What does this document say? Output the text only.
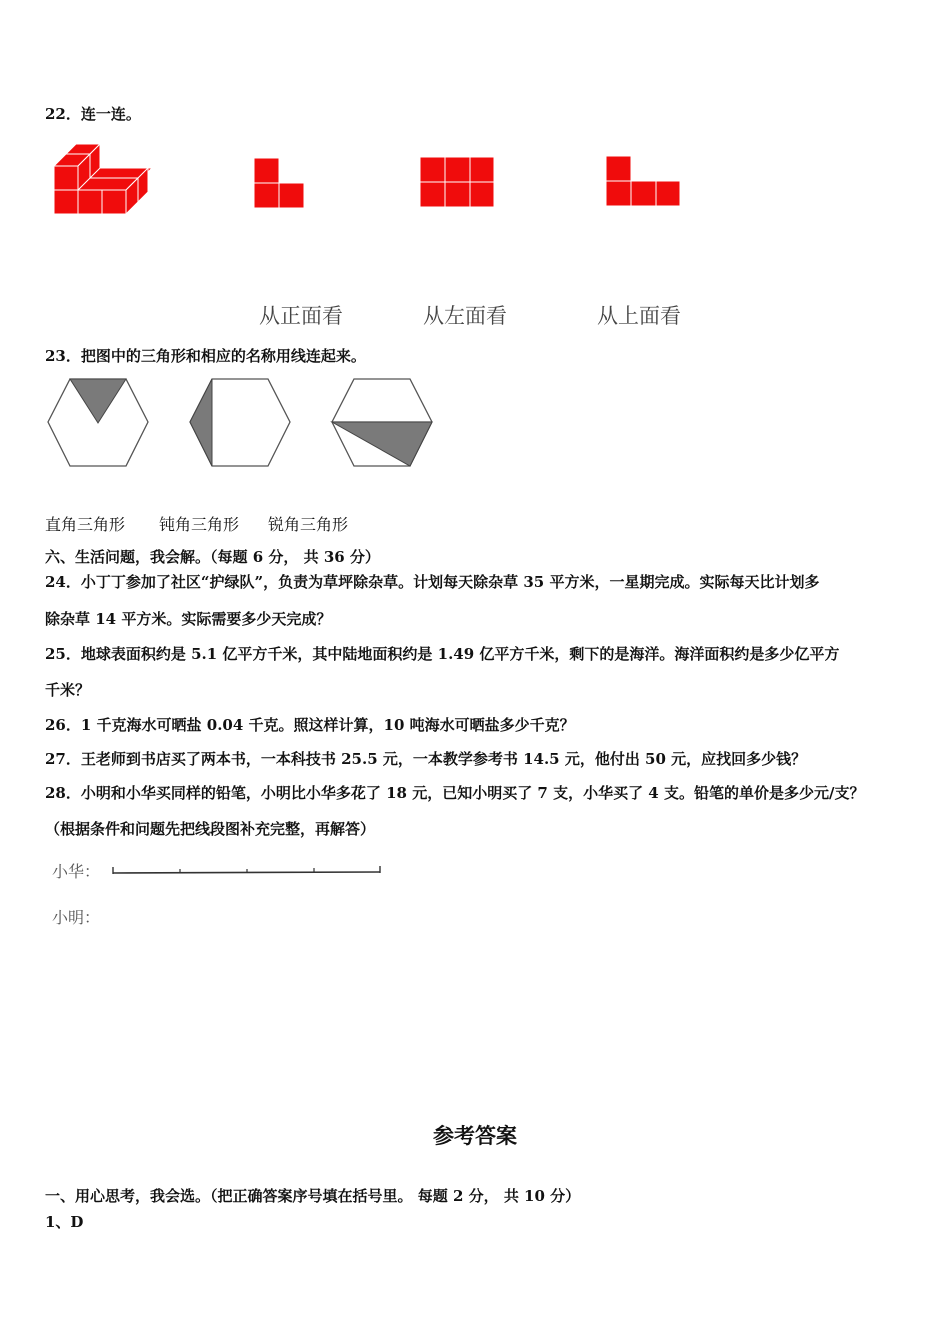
22．连一连。
从正面看	从左面看	从上面看
23．把图中的三角形和相应的名称用线连起来。
直角三角形 钝角三角形 锐角三角形
六、生活问题，我会解。（每题 6 分， 共 36 分）
24．小丁丁参加了社区“护绿队”，负责为草坪除杂草。计划每天除杂草 35 平方米，一星期完成。实际每天比计划多
除杂草 14 平方米。实际需要多少天完成？
25．地球表面积约是 5.1 亿平方千米，其中陆地面积约是 1.49 亿平方千米，剩下的是海洋。海洋面积约是多少亿平方
千米？
26．1 千克海水可晒盐 0.04 千克。照这样计算，10 吨海水可晒盐多少千克？
27．王老师到书店买了两本书，一本科技书 25.5 元，一本教学参考书 14.5 元，他付出 50 元，应找回多少钱？
28．小明和小华买同样的铅笔，小明比小华多花了 18 元，已知小明买了 7 支，小华买了 4 支。铅笔的单价是多少元/支？
（根据条件和问题先把线段图补充完整，再解答）
小华：
小明：
参考答案
一、用心思考，我会选。（把正确答案序号填在括号里。 每题 2 分， 共 10 分）
1、D
